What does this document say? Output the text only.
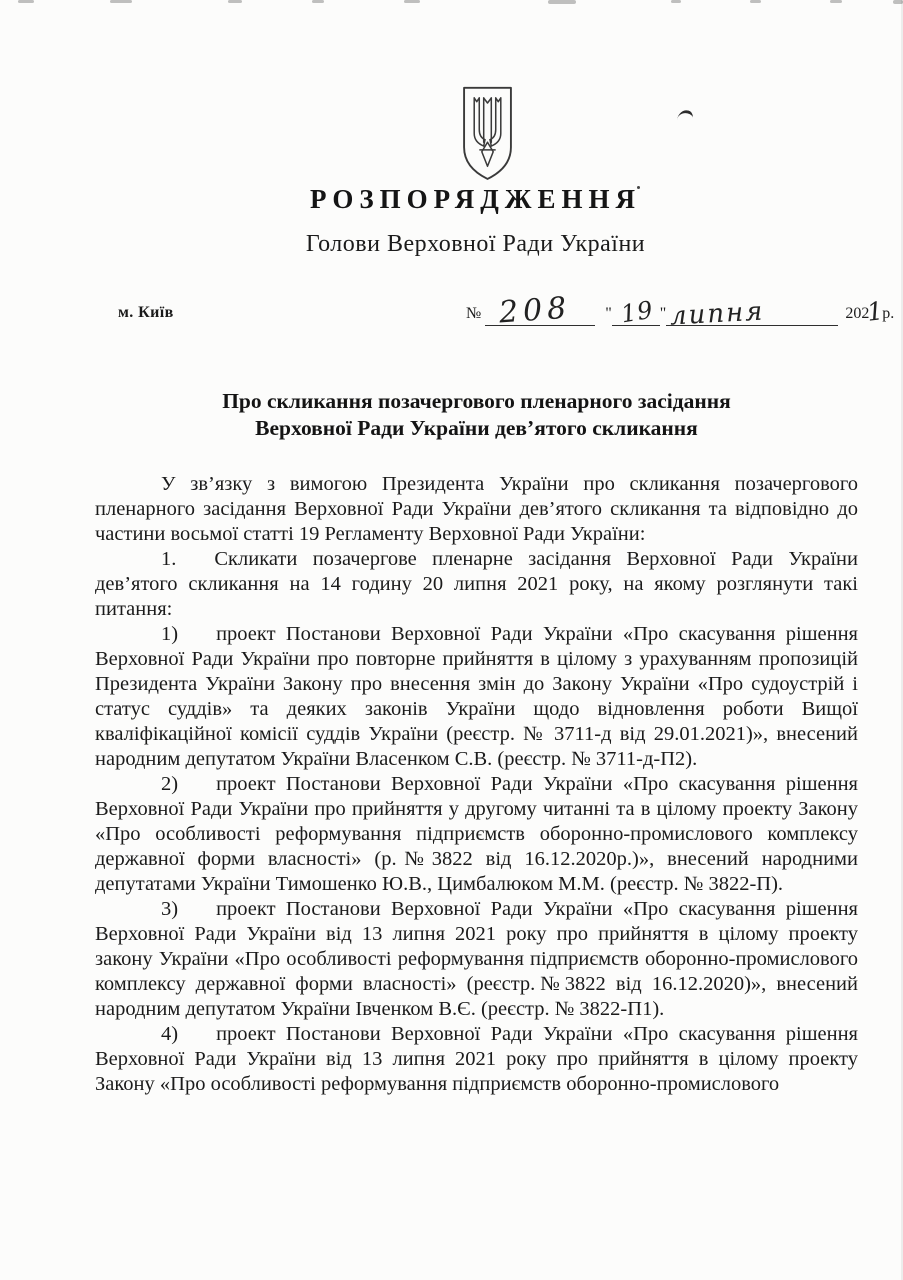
РОЗПОРЯДЖЕННЯ
Голови Верховної Ради України
м. Київ	№ 208 " 19 " липня	202
1
р.
Про скликання позачергового пленарного засідання
Верховної Ради України дев’ятого скликання

У зв’язку з вимогою Президента України про скликання позачергового пленарного засідання Верховної Ради України дев’ятого скликання та відповідно до частини восьмої статті 19 Регламенту Верховної Ради України:

1. Скликати позачергове пленарне засідання Верховної Ради України дев’ятого скликання на 14 годину 20 липня 2021 року, на якому розглянути такі питання:

1) проект Постанови Верховної Ради України «Про скасування рішення Верховної Ради України про повторне прийняття в цілому з урахуванням пропозицій Президента України Закону про внесення змін до Закону України «Про судоустрій і статус суддів» та деяких законів України щодо відновлення роботи Вищої кваліфікаційної комісії суддів України (реєстр. № 3711-д від 29.01.2021)», внесений народним депутатом України Власенком С.В. (реєстр. № 3711-д-П2).

2) проект Постанови Верховної Ради України «Про скасування рішення Верховної Ради України про прийняття у другому читанні та в цілому проекту Закону «Про особливості реформування підприємств оборонно-промислового комплексу державної форми власності» (р.№3822 від 16.12.2020р.)», внесений народними депутатами України Тимошенко Ю.В., Цимбалюком М.М. (реєстр. № 3822-П).

3) проект Постанови Верховної Ради України «Про скасування рішення Верховної Ради України від 13 липня 2021 року про прийняття в цілому проекту закону України «Про особливості реформування підприємств оборонно-промислового комплексу державної форми власності» (реєстр.№3822 від 16.12.2020)», внесений народним депутатом України Івченком В.Є. (реєстр. № 3822-П1).

4) проект Постанови Верховної Ради України «Про скасування рішення Верховної Ради України від 13 липня 2021 року про прийняття в цілому проекту Закону «Про особливості реформування підприємств оборонно-промислового
